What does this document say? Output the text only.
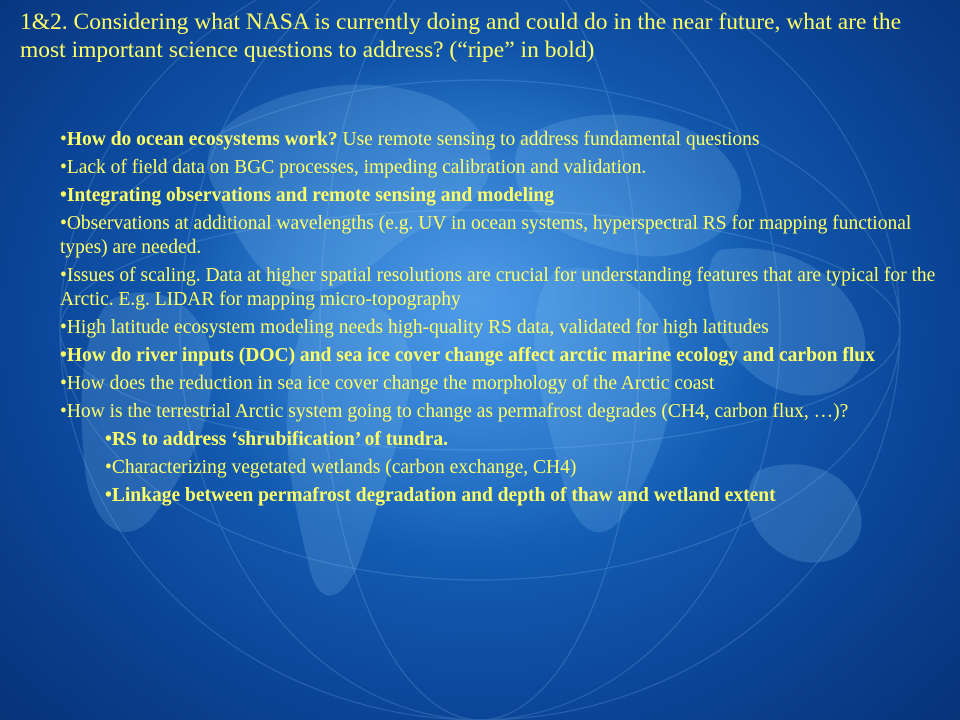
1&2. Considering what NASA is currently doing and could do in the near future, what are the most important science questions to address? (“ripe” in bold)

•How do ocean ecosystems work? Use remote sensing to address fundamental questions
•Lack of field data on BGC processes, impeding calibration and validation.
•Integrating observations and remote sensing and modeling
•Observations at additional wavelengths (e.g. UV in ocean systems, hyperspectral RS for mapping functional types) are needed.
•Issues of scaling. Data at higher spatial resolutions are crucial for understanding features that are typical for the Arctic. E.g. LIDAR for mapping micro-topography
•High latitude ecosystem modeling needs high-quality RS data, validated for high latitudes
•How do river inputs (DOC) and sea ice cover change affect arctic marine ecology and carbon flux
•How does the reduction in sea ice cover change the morphology of the Arctic coast
•How is the terrestrial Arctic system going to change as permafrost degrades (CH4, carbon flux, …)?
•RS to address ‘shrubification’ of tundra.
•Characterizing vegetated wetlands (carbon exchange, CH4)
•Linkage between permafrost degradation and depth of thaw and wetland extent
